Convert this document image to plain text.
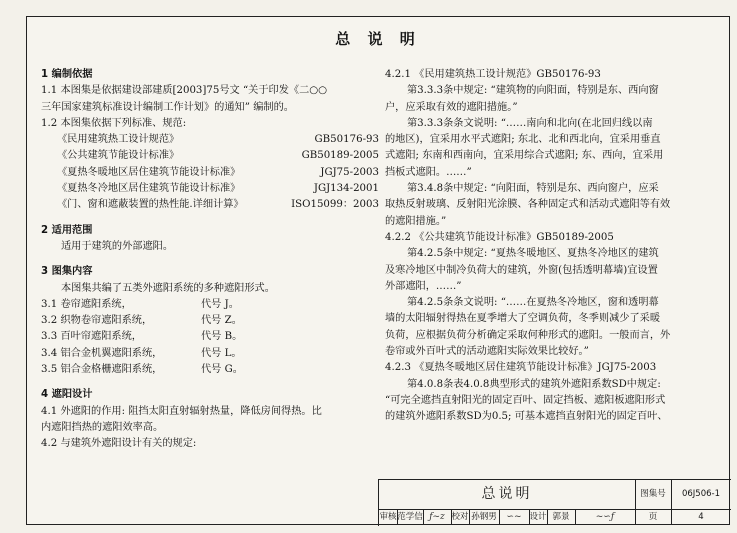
总 说 明
1 编制依据
1.1 本图集是依据建设部建质[2003]75号文 “关于印发《二○○
三年国家建筑标准设计编制工作计划》的通知” 编制的。
1.2 本图集依据下列标准、规范:
《民用建筑热工设计规范》	GB50176-93
《公共建筑节能设计标准》	GB50189-2005
《夏热冬暖地区居住建筑节能设计标准》	JGJ75-2003
《夏热冬冷地区居住建筑节能设计标准》	JGJ134-2001
《门、窗和遮蔽装置的热性能.详细计算》	ISO15099：2003
2 适用范围
适用于建筑的外部遮阳。
3 图集内容
本图集共编了五类外遮阳系统的多种遮阳形式。
3.1 卷帘遮阳系统，	代号 J。
3.2 织物卷帘遮阳系统，	代号 Z。
3.3 百叶帘遮阳系统，	代号 B。
3.4 铝合金机翼遮阳系统，	代号 L。
3.5 铝合金格栅遮阳系统，	代号 G。
4 遮阳设计
4.1 外遮阳的作用: 阻挡太阳直射辐射热量，降低房间得热。比
内遮阳挡热的遮阳效率高。
4.2 与建筑外遮阳设计有关的规定:
4.2.1 《民用建筑热工设计规范》GB50176-93
第3.3.3条中规定: “建筑物的向阳面，特别是东、西向窗
户，应采取有效的遮阳措施。”
第3.3.3条条文说明: “……南向和北向(在北回归线以南
的地区)，宜采用水平式遮阳; 东北、北和西北向，宜采用垂直
式遮阳; 东南和西南向，宜采用综合式遮阳; 东、西向，宜采用
挡板式遮阳。……”
第3.4.8条中规定: “向阳面，特别是东、西向窗户，应采
取热反射玻璃、反射阳光涂膜、各种固定式和活动式遮阳等有效
的遮阳措施。”
4.2.2 《公共建筑节能设计标准》GB50189-2005
第4.2.5条中规定: “夏热冬暖地区、夏热冬冷地区的建筑
及寒冷地区中制冷负荷大的建筑，外窗(包括透明幕墙)宜设置
外部遮阳，……”
第4.2.5条条文说明: “……在夏热冬冷地区，窗和透明幕
墙的太阳辐射得热在夏季增大了空调负荷，冬季则减少了采暖
负荷，应根据负荷分析确定采取何种形式的遮阳。一般而言，外
卷帘或外百叶式的活动遮阳实际效果比较好。”
4.2.3 《夏热冬暖地区居住建筑节能设计标准》JGJ75-2003
第4.0.8条表4.0.8典型形式的建筑外遮阳系数SD中规定:
“可完全遮挡直射阳光的固定百叶、固定挡板、遮阳板遮阳形式
的建筑外遮阳系数SD为0.5; 可基本遮挡直射阳光的固定百叶、
总说明	图集号	06J506-1
审核 范学信 ƒ~z 校对 孙钢男	∽~ 设计 郭景	~∽ƒ	页	4
